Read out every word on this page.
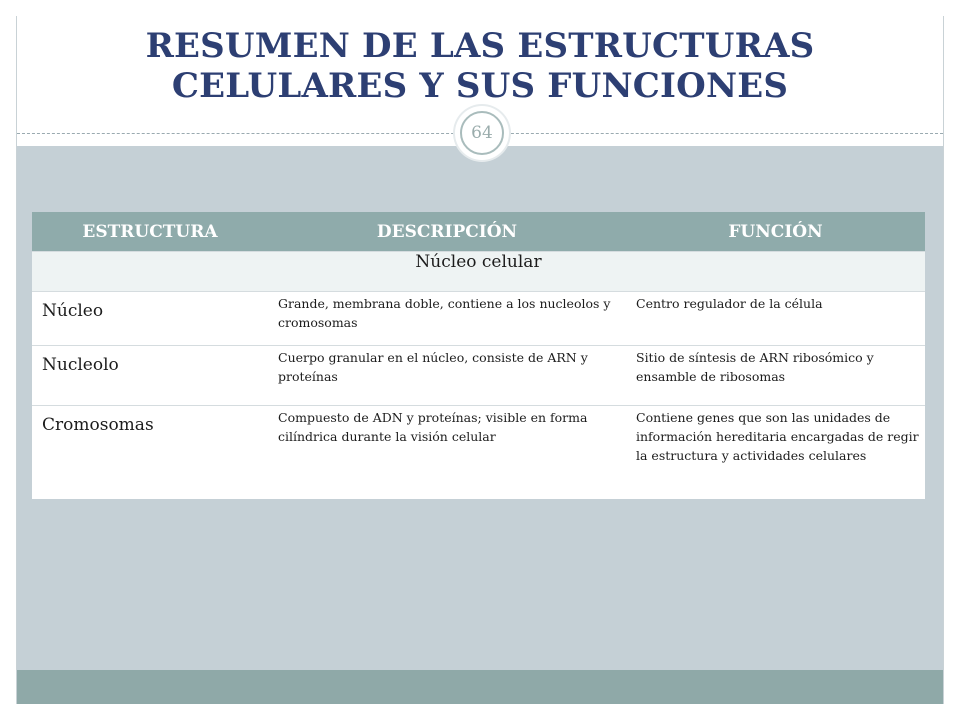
RESUMEN DE LAS ESTRUCTURAS
CELULARES Y SUS FUNCIONES
64
ESTRUCTURA	DESCRIPCIÓN	FUNCIÓN
Núcleo celular		
Núcleo	Grande, membrana doble, contiene a los nucleolos y cromosomas	Centro regulador de la célula
Nucleolo	Cuerpo granular en el núcleo, consiste de ARN y proteínas	Sitio de síntesis de ARN ribosómico y ensamble de ribosomas
Cromosomas	Compuesto de ADN y proteínas; visible en forma cilíndrica durante la visión celular	Contiene genes que son las unidades de información hereditaria encargadas de regir la estructura y actividades celulares
